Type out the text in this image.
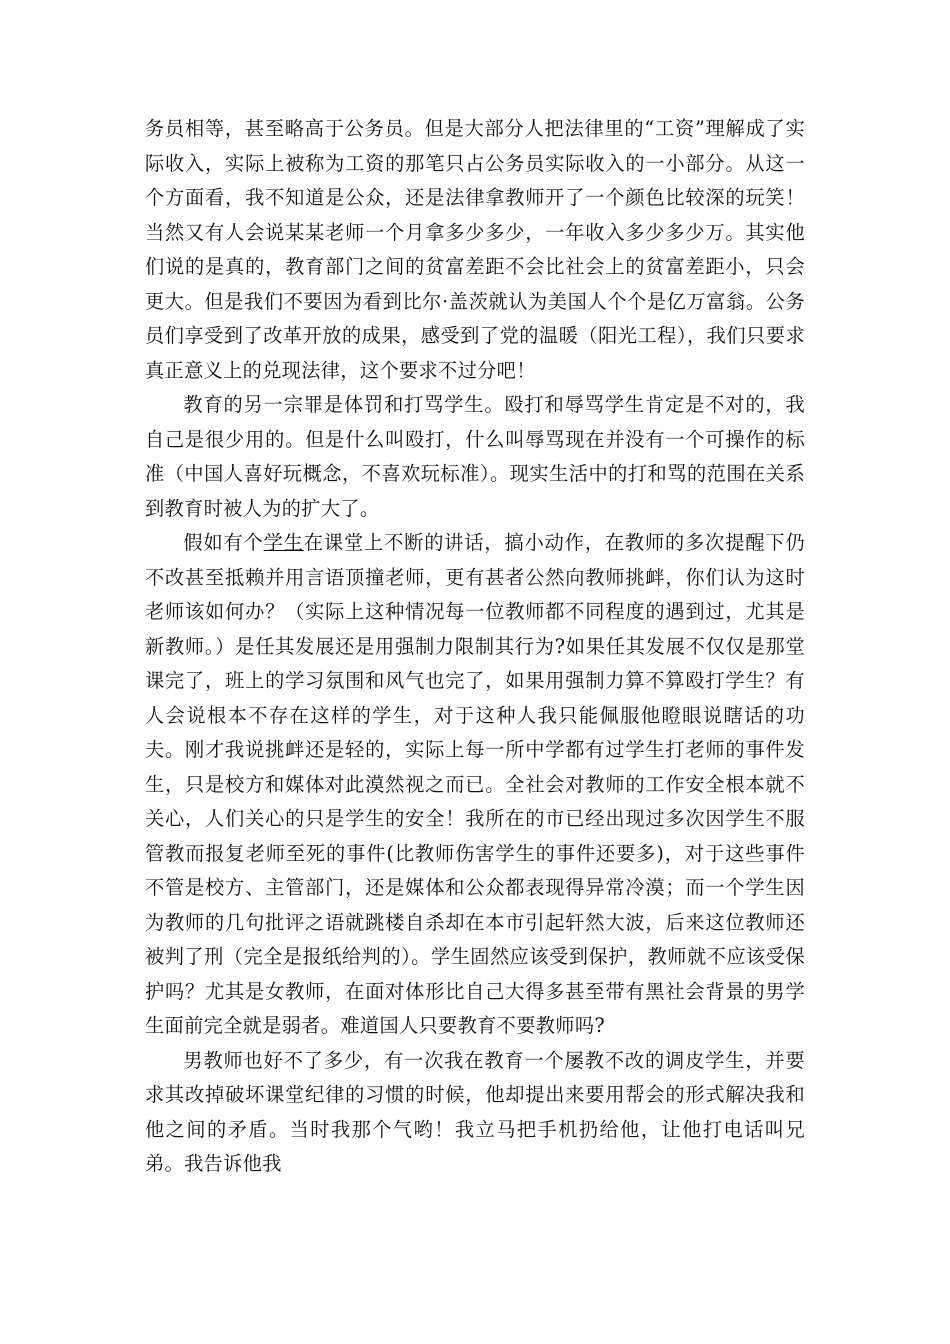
务员相等，甚至略高于公务员。但是大部分人把法律里的“工资”理解成了实际收入，实际上被称为工资的那笔只占公务员实际收入的一小部分。从这一个方面看，我不知道是公众，还是法律拿教师开了一个颜色比较深的玩笑！当然又有人会说某某老师一个月拿多少多少，一年收入多少多少万。其实他们说的是真的，教育部门之间的贫富差距不会比社会上的贫富差距小，只会更大。但是我们不要因为看到比尔·盖茨就认为美国人个个是亿万富翁。公务员们享受到了改革开放的成果，感受到了党的温暖（阳光工程），我们只要求真正意义上的兑现法律，这个要求不过分吧！

教育的另一宗罪是体罚和打骂学生。殴打和辱骂学生肯定是不对的，我自己是很少用的。但是什么叫殴打，什么叫辱骂现在并没有一个可操作的标准（中国人喜好玩概念，不喜欢玩标准）。现实生活中的打和骂的范围在关系到教育时被人为的扩大了。

假如有个学生在课堂上不断的讲话，搞小动作，在教师的多次提醒下仍不改甚至抵赖并用言语顶撞老师，更有甚者公然向教师挑衅，你们认为这时老师该如何办？（实际上这种情况每一位教师都不同程度的遇到过，尤其是新教师。）是任其发展还是用强制力限制其行为?如果任其发展不仅仅是那堂课完了，班上的学习氛围和风气也完了，如果用强制力算不算殴打学生？有人会说根本不存在这样的学生，对于这种人我只能佩服他瞪眼说瞎话的功夫。刚才我说挑衅还是轻的，实际上每一所中学都有过学生打老师的事件发生，只是校方和媒体对此漠然视之而已。全社会对教师的工作安全根本就不关心，人们关心的只是学生的安全！我所在的市已经出现过多次因学生不服管教而报复老师至死的事件(比教师伤害学生的事件还要多)，对于这些事件不管是校方、主管部门，还是媒体和公众都表现得异常冷漠；而一个学生因为教师的几句批评之语就跳楼自杀却在本市引起轩然大波，后来这位教师还被判了刑（完全是报纸给判的）。学生固然应该受到保护，教师就不应该受保护吗？尤其是女教师，在面对体形比自己大得多甚至带有黑社会背景的男学生面前完全就是弱者。难道国人只要教育不要教师吗?

男教师也好不了多少，有一次我在教育一个屡教不改的调皮学生，并要求其改掉破坏课堂纪律的习惯的时候，他却提出来要用帮会的形式解决我和他之间的矛盾。当时我那个气哟！我立马把手机扔给他，让他打电话叫兄弟。我告诉他我
